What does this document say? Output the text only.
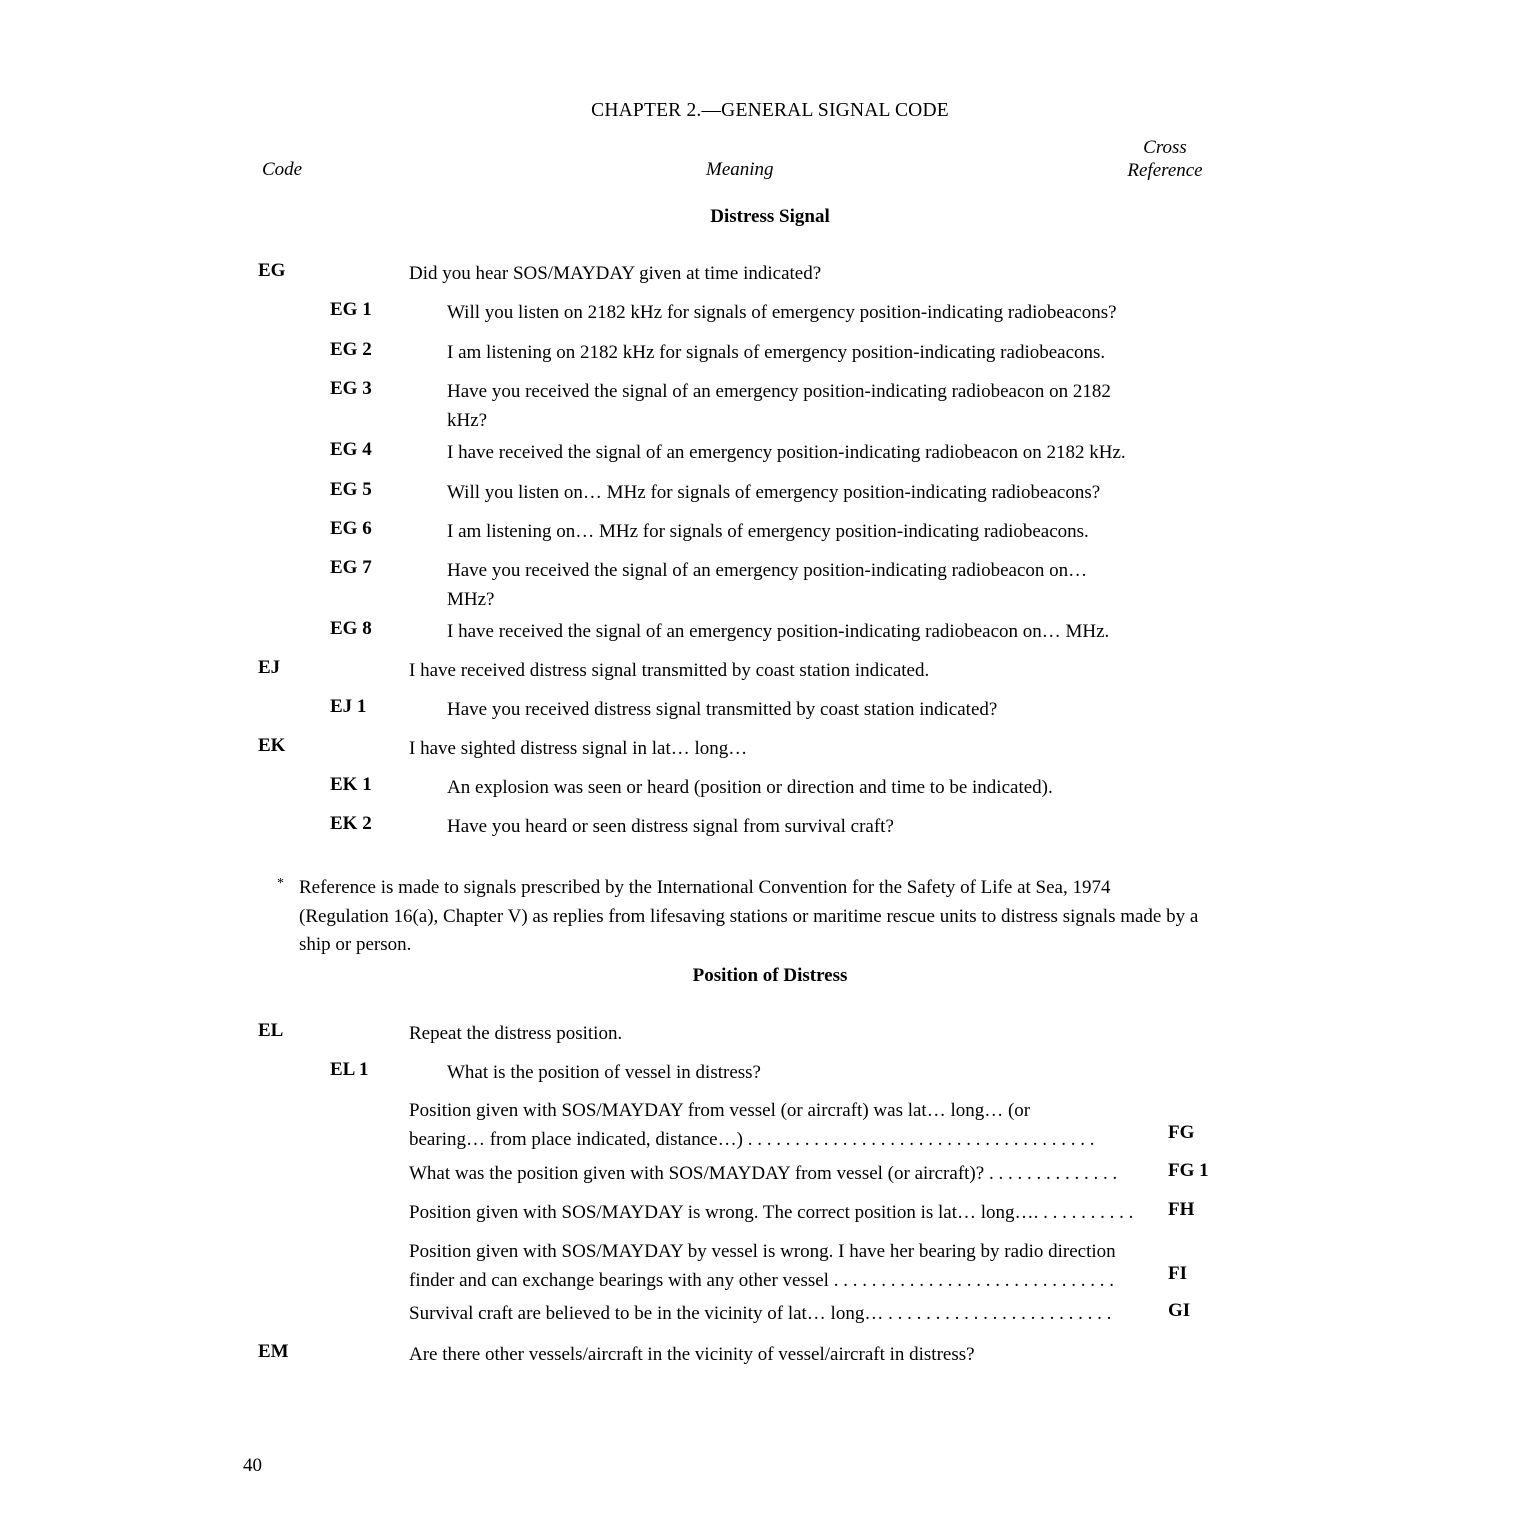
CHAPTER 2.—GENERAL SIGNAL CODE
Code	Meaning
Cross
Reference
Distress Signal
EG	Did you hear SOS/MAYDAY given at time indicated?
EG 1	Will you listen on 2182 kHz for signals of emergency position-indicating radiobeacons?
EG 2	I am listening on 2182 kHz for signals of emergency position-indicating radiobeacons.
EG 3	Have you received the signal of an emergency position-indicating radiobeacon on 2182 kHz?
EG 4	I have received the signal of an emergency position-indicating radiobeacon on 2182 kHz.
EG 5	Will you listen on… MHz for signals of emergency position-indicating radiobeacons?
EG 6	I am listening on… MHz for signals of emergency position-indicating radiobeacons.
EG 7	Have you received the signal of an emergency position-indicating radiobeacon on… MHz?
EG 8	I have received the signal of an emergency position-indicating radiobeacon on… MHz.
EJ	I have received distress signal transmitted by coast station indicated.
EJ 1	Have you received distress signal transmitted by coast station indicated?
EK	I have sighted distress signal in lat… long…
EK 1	An explosion was seen or heard (position or direction and time to be indicated).
EK 2	Have you heard or seen distress signal from survival craft?
* Reference is made to signals prescribed by the International Convention for the Safety of Life at Sea, 1974 (Regulation 16(a), Chapter V) as replies from lifesaving stations or maritime rescue units to distress signals made by a ship or person.
Position of Distress
EL	Repeat the distress position.
EL 1	What is the position of vessel in distress?
Position given with SOS/MAYDAY from vessel (or aircraft) was lat… long… (or bearing… from place indicated, distance…) . . . . . . . . . . . . . . . . . . . . . . . . . . . . . . . . . . . . .	FG
What was the position given with SOS/MAYDAY from vessel (or aircraft)? . . . . . . . . . . . . . .	FG 1
Position given with SOS/MAYDAY is wrong. The correct position is lat… long…. . . . . . . . . . .	FH
Position given with SOS/MAYDAY by vessel is wrong. I have her bearing by radio direction finder and can exchange bearings with any other vessel . . . . . . . . . . . . . . . . . . . . . . . . . . . . . .	FI
Survival craft are believed to be in the vicinity of lat… long… . . . . . . . . . . . . . . . . . . . . . . . .	GI
EM	Are there other vessels/aircraft in the vicinity of vessel/aircraft in distress?
40
